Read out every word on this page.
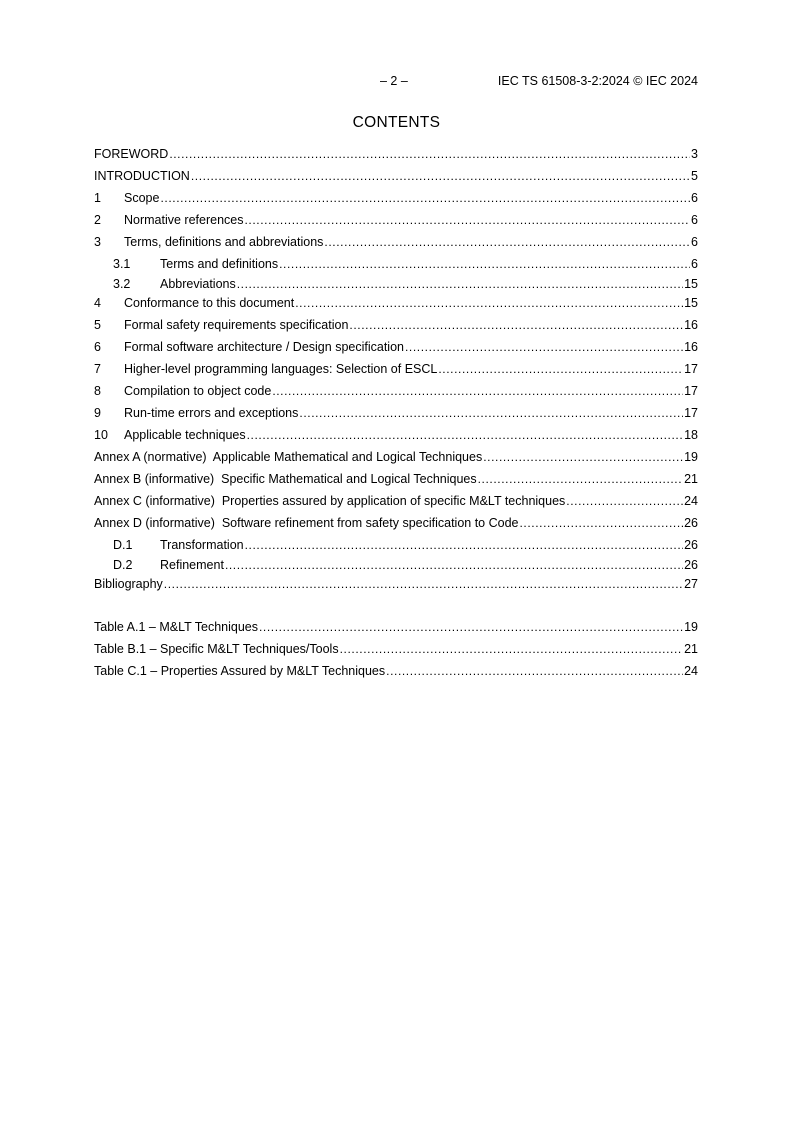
– 2 –	IEC TS 61508-3-2:2024 © IEC 2024
CONTENTS
FOREWORD .....	3
INTRODUCTION .....	5
1	Scope .....	6
2	Normative references .....	6
3	Terms, definitions and abbreviations .....	6
3.1	Terms and definitions .....	6
3.2	Abbreviations .....	15
4	Conformance to this document .....	15
5	Formal safety requirements specification .....	16
6	Formal software architecture / Design specification .....	16
7	Higher-level programming languages: Selection of ESCL .....	17
8	Compilation to object code .....	17
9	Run-time errors and exceptions .....	17
10	Applicable techniques .....	18
Annex A (normative)  Applicable Mathematical and Logical Techniques .....	19
Annex B (informative)  Specific Mathematical and Logical Techniques .....	21
Annex C (informative)  Properties assured by application of specific M&LT techniques .....	24
Annex D (informative)  Software refinement from safety specification to Code .....	26
D.1	Transformation .....	26
D.2	Refinement .....	26
Bibliography .....	27
Table A.1 – M&LT Techniques .....	19
Table B.1 – Specific M&LT Techniques/Tools .....	21
Table C.1 – Properties Assured by M&LT Techniques .....	24
